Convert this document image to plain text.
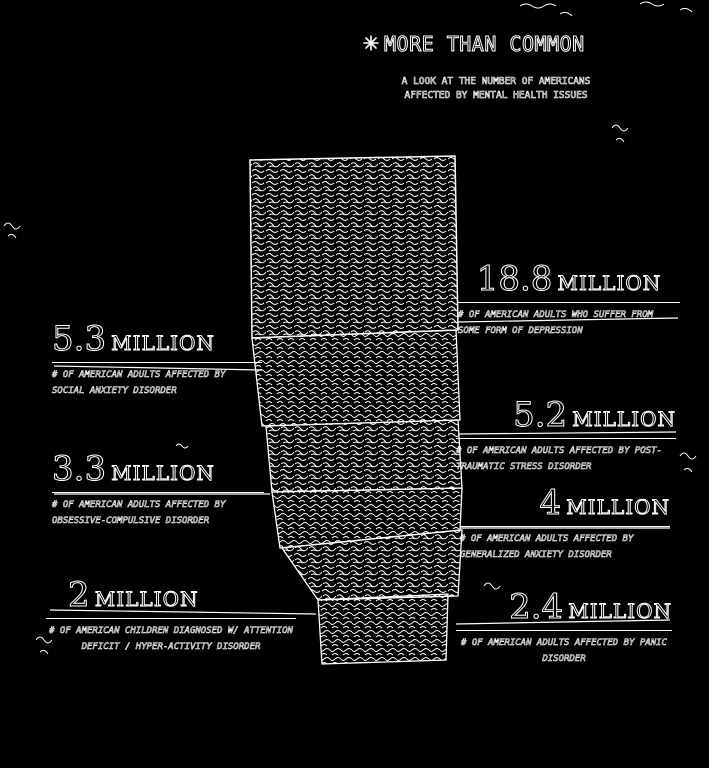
MORE THAN COMMON
A LOOK AT THE NUMBER OF AMERICANS AFFECTED BY MENTAL HEALTH ISSUES
18.8 MILLION
# OF AMERICAN ADULTS WHO SUFFER FROM SOME FORM OF DEPRESSION
5.3 MILLION
# OF AMERICAN ADULTS AFFECTED BY SOCIAL ANXIETY DISORDER
5.2 MILLION
# OF AMERICAN ADULTS AFFECTED BY POST-TRAUMATIC STRESS DISORDER
3.3 MILLION
# OF AMERICAN ADULTS AFFECTED BY OBSESSIVE-COMPULSIVE DISORDER	4 MILLION
# OF AMERICAN ADULTS AFFECTED BY GENERALIZED ANXIETY DISORDER
2 MILLION
# OF AMERICAN CHILDREN DIAGNOSED W/ ATTENTION DEFICIT / HYPER-ACTIVITY DISORDER
2.4 MILLION
# OF AMERICAN ADULTS AFFECTED BY PANIC DISORDER
